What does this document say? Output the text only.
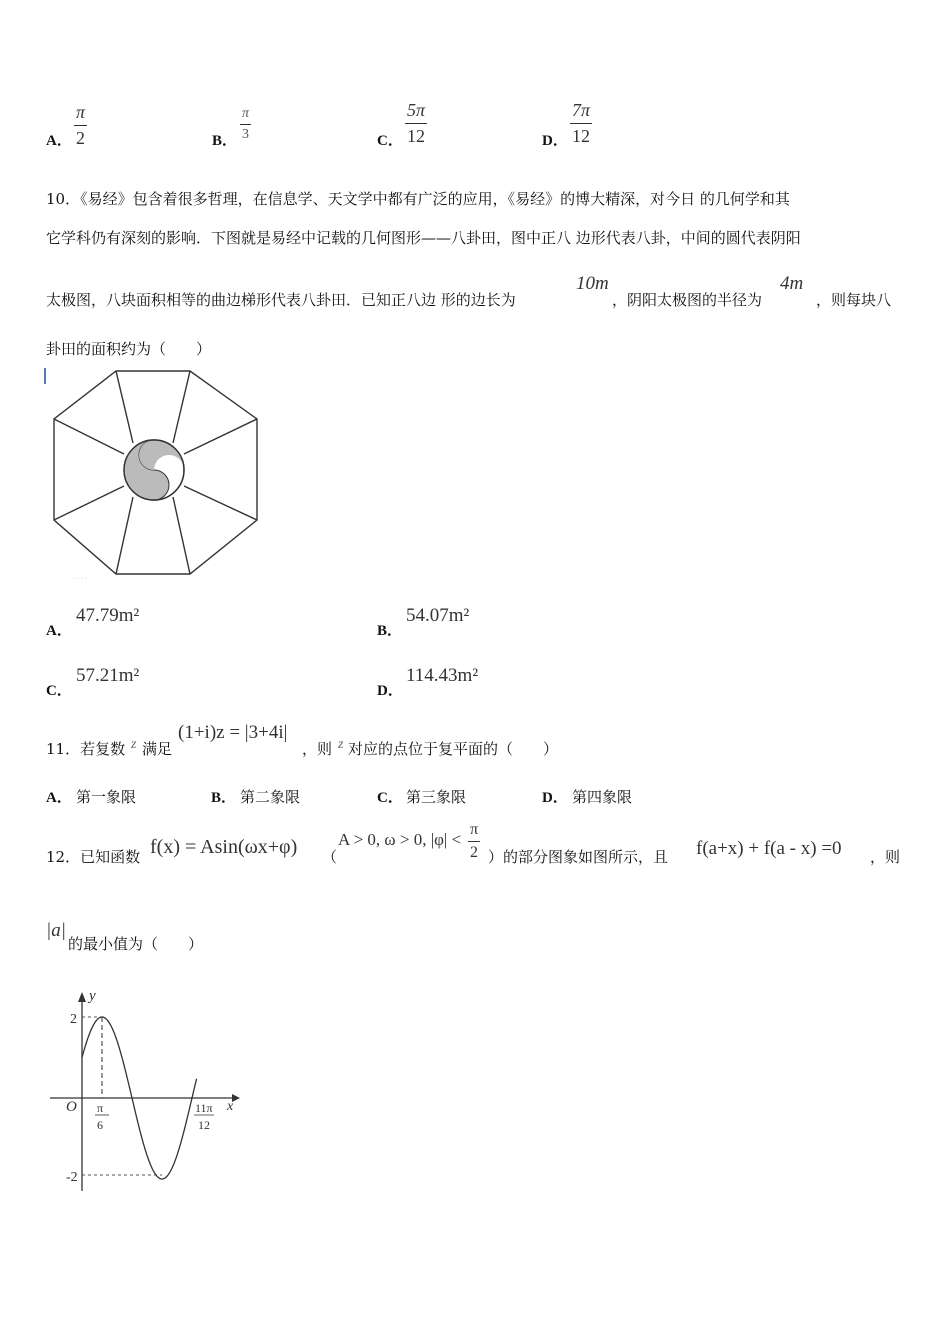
A．
π
2	B．
π
3	C．
5π
12	D．
7π
12
10．《易经》包含着很多哲理，在信息学、天文学中都有广泛的应用，《易经》的博大精深，对今日 的几何学和其
它学科仍有深刻的影响．下图就是易经中记载的几何图形——八卦田，图中正八 边形代表八卦，中间的圆代表阴阳
太极图，八块面积相等的曲边梯形代表八卦田．已知正八边 形的边长为
10m
，阴阳太极图的半径为
4m
，则每块八
卦田的面积约为（　　）
. . . .
A．
47.79m²
B．
54.07m²
C．
57.21m²
D．
114.43m²
11．若复数 z 满足
(1+i)z = |3+4i|
，则 z 对应的点位于复平面的（　　）
A． 第一象限	B． 第二象限	C． 第三象限	D． 第四象限
12．已知函数 f(x) = Asin(ωx+φ) （
A > 0, ω > 0, |φ| <
π
2 ）的部分图象如图所示，且 f(a+x) + f(a - x) =0 ，则
|a|
的最小值为（　　）
y
x
O
2
-2
π
6
11π
12
